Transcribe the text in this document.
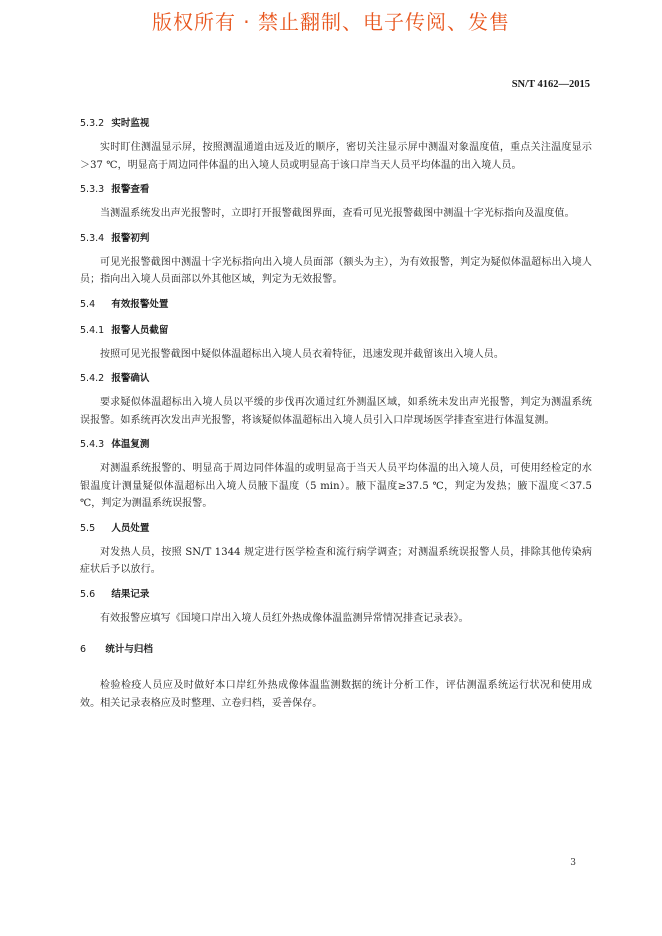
版权所有 · 禁止翻制、电子传阅、发售
SN/T 4162—2015

5.3.2 实时监视

实时盯住测温显示屏，按照测温通道由远及近的顺序，密切关注显示屏中测温对象温度值，重点关注温度显示＞37 ℃，明显高于周边同伴体温的出入境人员或明显高于该口岸当天人员平均体温的出入境人员。

5.3.3 报警查看

当测温系统发出声光报警时，立即打开报警截图界面，查看可见光报警截图中测温十字光标指向及温度值。

5.3.4 报警初判

可见光报警截图中测温十字光标指向出入境人员面部（额头为主），为有效报警，判定为疑似体温超标出入境人员；指向出入境人员面部以外其他区域，判定为无效报警。

5.4 有效报警处置

5.4.1 报警人员截留

按照可见光报警截图中疑似体温超标出入境人员衣着特征，迅速发现并截留该出入境人员。

5.4.2 报警确认

要求疑似体温超标出入境人员以平缓的步伐再次通过红外测温区域，如系统未发出声光报警，判定为测温系统误报警。如系统再次发出声光报警，将该疑似体温超标出入境人员引入口岸现场医学排查室进行体温复测。

5.4.3 体温复测

对测温系统报警的、明显高于周边同伴体温的或明显高于当天人员平均体温的出入境人员，可使用经检定的水银温度计测量疑似体温超标出入境人员腋下温度（5 min）。腋下温度≥37.5 ℃，判定为发热；腋下温度＜37.5 ℃，判定为测温系统误报警。

5.5 人员处置

对发热人员，按照 SN/T 1344 规定进行医学检查和流行病学调查；对测温系统误报警人员，排除其他传染病症状后予以放行。

5.6 结果记录

有效报警应填写《国境口岸出入境人员红外热成像体温监测异常情况排查记录表》。

6 统计与归档

检验检疫人员应及时做好本口岸红外热成像体温监测数据的统计分析工作，评估测温系统运行状况和使用成效。相关记录表格应及时整理、立卷归档，妥善保存。

3
